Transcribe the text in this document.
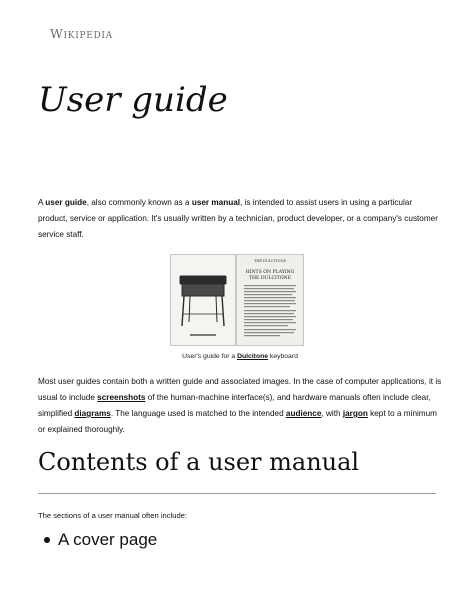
Wikipedia
User guide

A user guide, also commonly known as a user manual, is intended to assist users in using a particular product, service or application. It's usually written by a technician, product developer, or a company's customer service staff.

THE DULCITONE
HINTS ON PLAYING
THE DULCITONE

User's guide for a Dulcitone keyboard

Most user guides contain both a written guide and associated images. In the case of computer applications, it is usual to include screenshots of the human-machine interface(s), and hardware manuals often include clear, simplified diagrams. The language used is matched to the intended audience, with jargon kept to a minimum or explained thoroughly.

Contents of a user manual

The sections of a user manual often include:

A cover page
